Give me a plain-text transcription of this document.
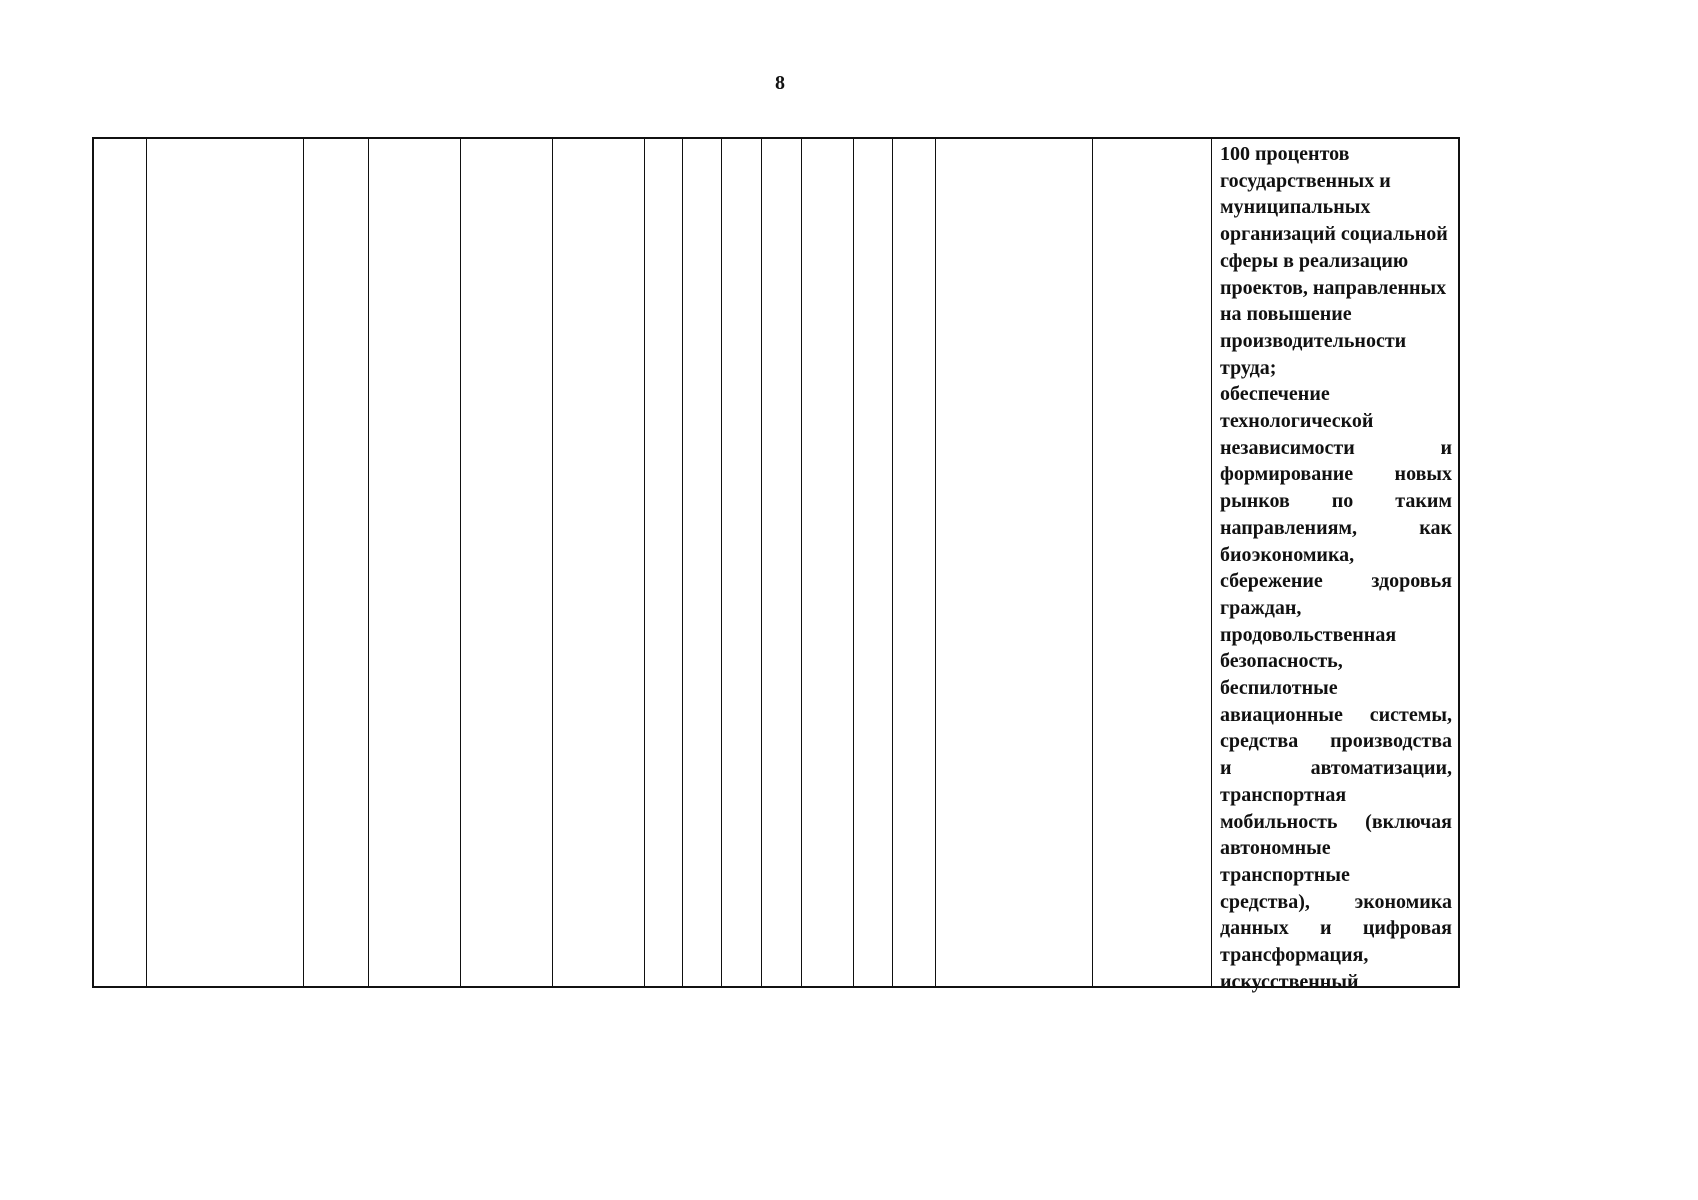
8
100 процентов
государственных и
муниципальных
организаций социальной
сферы в реализацию
проектов, направленных
на повышение
производительности
труда;
обеспечение
технологической
независимости и
формирование новых
рынков по таким
направлениям, как
биоэкономика,
сбережение здоровья
граждан,
продовольственная
безопасность,
беспилотные
авиационные системы,
средства производства
и автоматизации,
транспортная
мобильность (включая
автономные
транспортные
средства), экономика
данных и цифровая
трансформация,
искусственный
